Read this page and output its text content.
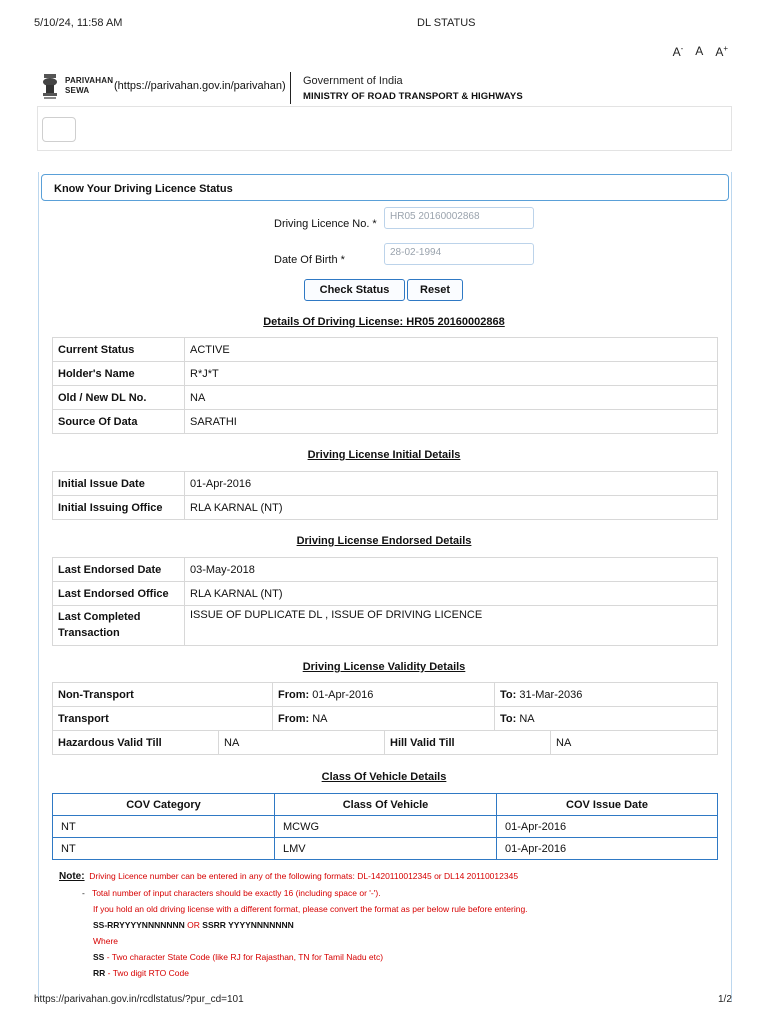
5/10/24, 11:58 AM	DL STATUS
A- A A+
PARIVAHAN
SEWA	(https://parivahan.gov.in/parivahan) Government of India
MINISTRY OF ROAD TRANSPORT & HIGHWAYS
Know Your Driving Licence Status
Driving Licence No. *
HR05 20160002868
Date Of Birth *
28-02-1994
Check Status	Reset
Details Of Driving License: HR05 20160002868
Current Status	ACTIVE
Holder's Name	R*J*T
Old / New DL No.	NA
Source Of Data	SARATHI
Driving License Initial Details
Initial Issue Date	01-Apr-2016
Initial Issuing Office	RLA KARNAL (NT)
Driving License Endorsed Details
Last Endorsed Date	03-May-2018
Last Endorsed Office	RLA KARNAL (NT)
Last Completed Transaction	ISSUE OF DUPLICATE DL , ISSUE OF DRIVING LICENCE
Driving License Validity Details
Non-Transport	From: 01-Apr-2016	To: 31-Mar-2036
Transport	From: NA	To: NA
Hazardous Valid Till	NA	Hill Valid Till	NA
Class Of Vehicle Details
COV Category	Class Of Vehicle	COV Issue Date
NT	MCWG	01-Apr-2016
NT	LMV	01-Apr-2016
Note: Driving Licence number can be entered in any of the following formats: DL-1420110012345 or DL14 20110012345
- Total number of input characters should be exactly 16 (including space or '-').
If you hold an old driving license with a different format, please convert the format as per below rule before entering.
SS-RRYYYYNNNNNNN OR SSRR YYYYNNNNNNN
Where
SS - Two character State Code (like RJ for Rajasthan, TN for Tamil Nadu etc)
RR - Two digit RTO Code
https://parivahan.gov.in/rcdlstatus/?pur_cd=101	1/2
